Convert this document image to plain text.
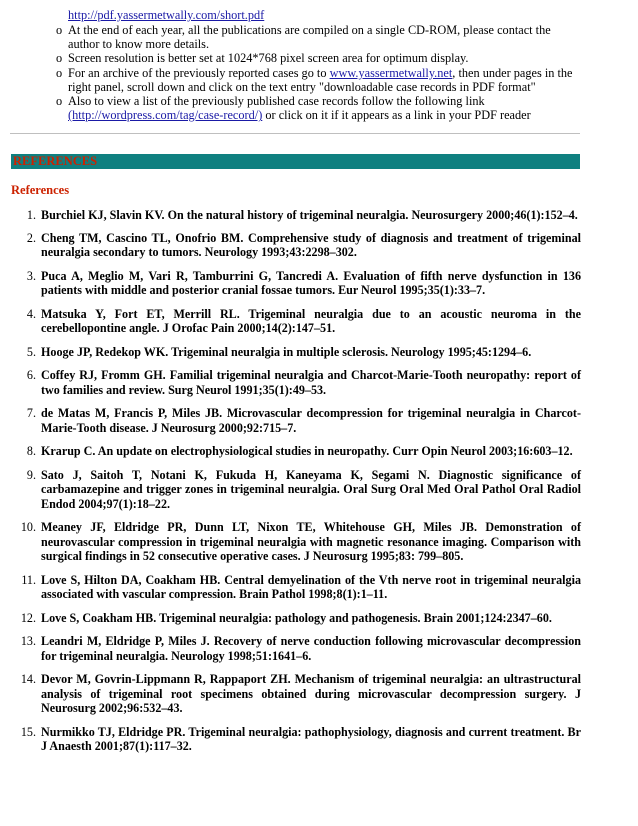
http://pdf.yassermetwally.com/short.pdf
o At the end of each year, all the publications are compiled on a single CD-ROM, please contact the author to know more details.
o Screen resolution is better set at 1024*768 pixel screen area for optimum display.
o For an archive of the previously reported cases go to www.yassermetwally.net, then under pages in the right panel, scroll down and click on the text entry "downloadable case records in PDF format"
o Also to view a list of the previously published case records follow the following link (http://wordpress.com/tag/case-record/) or click on it if it appears as a link in your PDF reader
REFERENCES
References
1. Burchiel KJ, Slavin KV. On the natural history of trigeminal neuralgia. Neurosurgery 2000;46(1):152–4.
2. Cheng TM, Cascino TL, Onofrio BM. Comprehensive study of diagnosis and treatment of trigeminal neuralgia secondary to tumors. Neurology 1993;43:2298–302.
3. Puca A, Meglio M, Vari R, Tamburrini G, Tancredi A. Evaluation of fifth nerve dysfunction in 136 patients with middle and posterior cranial fossae tumors. Eur Neurol 1995;35(1):33–7.
4. Matsuka Y, Fort ET, Merrill RL. Trigeminal neuralgia due to an acoustic neuroma in the cerebellopontine angle. J Orofac Pain 2000;14(2):147–51.
5. Hooge JP, Redekop WK. Trigeminal neuralgia in multiple sclerosis. Neurology 1995;45:1294–6.
6. Coffey RJ, Fromm GH. Familial trigeminal neuralgia and Charcot-Marie-Tooth neuropathy: report of two families and review. Surg Neurol 1991;35(1):49–53.
7. de Matas M, Francis P, Miles JB. Microvascular decompression for trigeminal neuralgia in Charcot-Marie-Tooth disease. J Neurosurg 2000;92:715–7.
8. Krarup C. An update on electrophysiological studies in neuropathy. Curr Opin Neurol 2003;16:603–12.
9. Sato J, Saitoh T, Notani K, Fukuda H, Kaneyama K, Segami N. Diagnostic significance of carbamazepine and trigger zones in trigeminal neuralgia. Oral Surg Oral Med Oral Pathol Oral Radiol Endod 2004;97(1):18–22.
10. Meaney JF, Eldridge PR, Dunn LT, Nixon TE, Whitehouse GH, Miles JB. Demonstration of neurovascular compression in trigeminal neuralgia with magnetic resonance imaging. Comparison with surgical findings in 52 consecutive operative cases. J Neurosurg 1995;83: 799–805.
11. Love S, Hilton DA, Coakham HB. Central demyelination of the Vth nerve root in trigeminal neuralgia associated with vascular compression. Brain Pathol 1998;8(1):1–11.
12. Love S, Coakham HB. Trigeminal neuralgia: pathology and pathogenesis. Brain 2001;124:2347–60.
13. Leandri M, Eldridge P, Miles J. Recovery of nerve conduction following microvascular decompression for trigeminal neuralgia. Neurology 1998;51:1641–6.
14. Devor M, Govrin-Lippmann R, Rappaport ZH. Mechanism of trigeminal neuralgia: an ultrastructural analysis of trigeminal root specimens obtained during microvascular decompression surgery. J Neurosurg 2002;96:532–43.
15. Nurmikko TJ, Eldridge PR. Trigeminal neuralgia: pathophysiology, diagnosis and current treatment. Br J Anaesth 2001;87(1):117–32.
